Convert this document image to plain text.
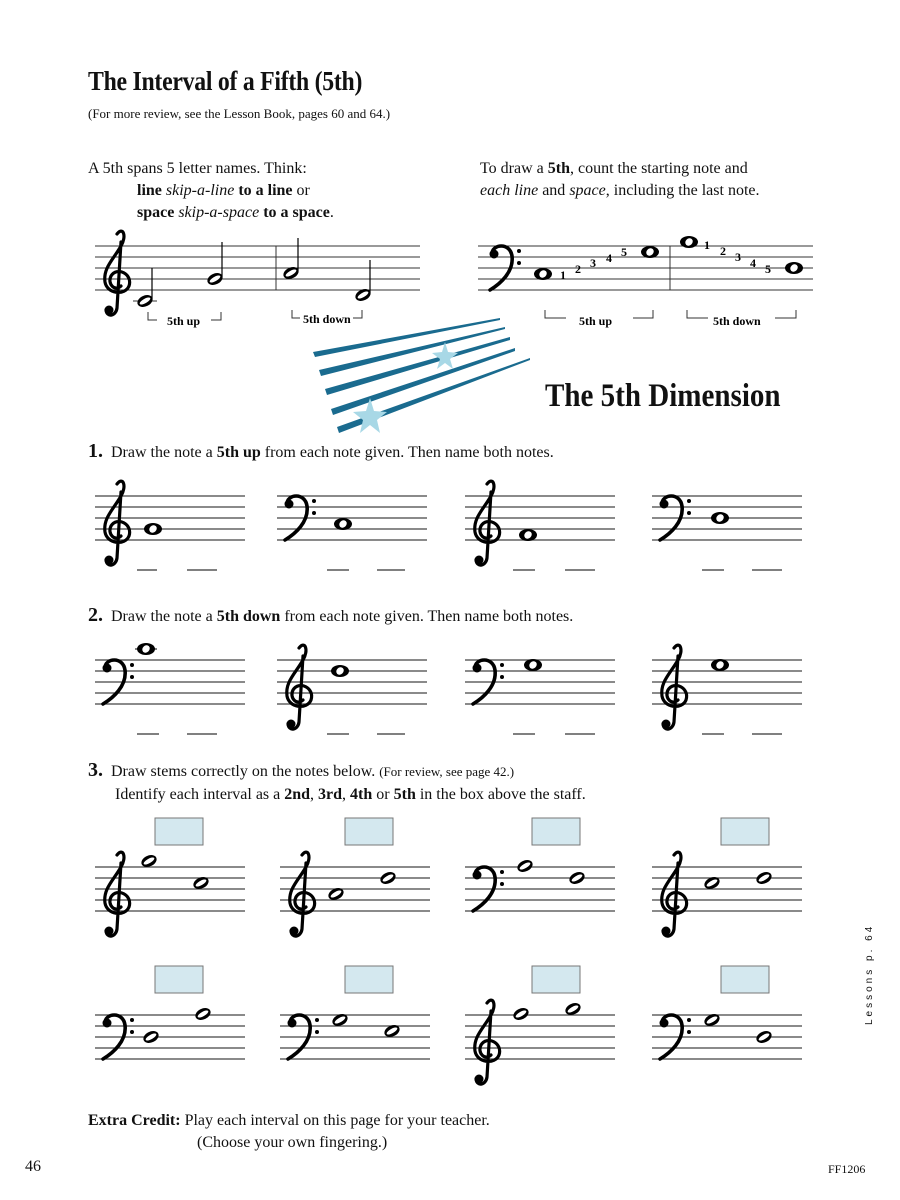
The Interval of a Fifth (5th)
(For more review, see the Lesson Book, pages 60 and 64.)
A 5th spans 5 letter names. Think:
line skip-a-line to a line or
space skip-a-space to a space.
To draw a 5th, count the starting note and
each line and space, including the last note.
5th up	5th down
1 2 3 4 5	1 2 3 4 5
5th up	5th down
The 5th Dimension
1. Draw the note a 5th up from each note given. Then name both notes.
2. Draw the note a 5th down from each note given. Then name both notes.
3. Draw stems correctly on the notes below. (For review, see page 42.)
Identify each interval as a 2nd, 3rd, 4th or 5th in the box above the staff.
Extra Credit: Play each interval on this page for your teacher.
(Choose your own fingering.)
46	FF1206
Lessons p. 64
